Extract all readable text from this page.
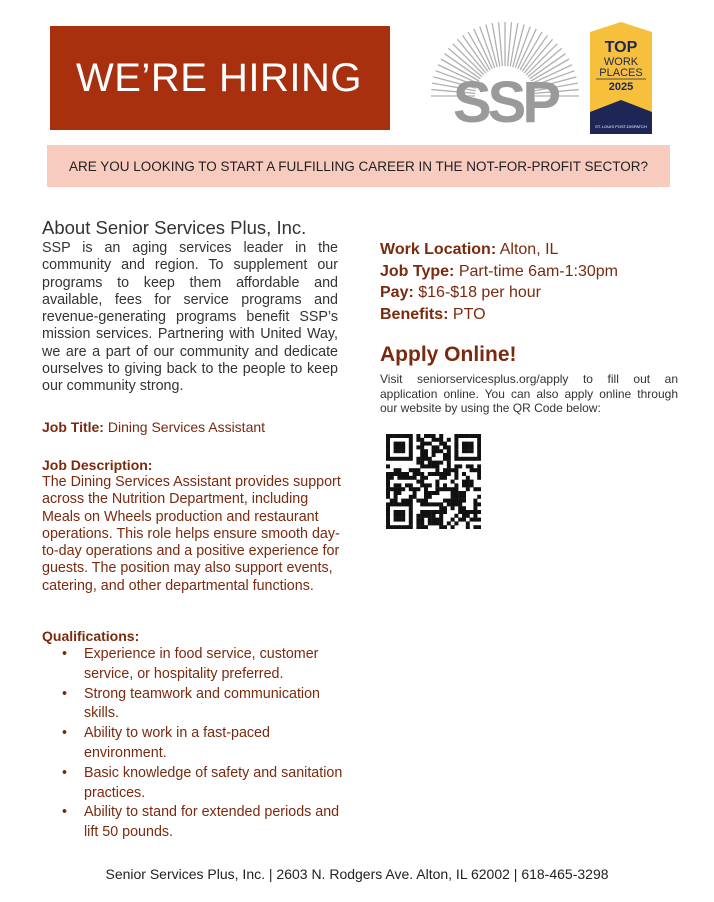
WE’RE HIRING SSP
TOP
WORK
PLACES
2025
ST. LOUIS POST-DISPATCH
ARE YOU LOOKING TO START A FULFILLING CAREER IN THE NOT-FOR-PROFIT SECTOR?
About Senior Services Plus, Inc.
SSP is an aging services leader in the community and region. To supplement our programs to keep them affordable and available, fees for service programs and revenue-generating programs benefit SSP’s mission services. Partnering with United Way, we are a part of our community and dedicate ourselves to giving back to the people to keep our community strong.
Job Title: Dining Services Assistant
Job Description:
The Dining Services Assistant provides support across the Nutrition Department, including Meals on Wheels production and restaurant operations. This role helps ensure smooth day-to-day operations and a positive experience for guests. The position may also support events, catering, and other departmental functions.
Qualifications:
• Experience in food service, customer service, or hospitality preferred.
• Strong teamwork and communication skills.
• Ability to work in a fast-paced environment.
• Basic knowledge of safety and sanitation practices.
• Ability to stand for extended periods and lift 50 pounds.
Work Location: Alton, IL
Job Type: Part-time 6am-1:30pm
Pay: $16-$18 per hour
Benefits: PTO
Apply Online!
Visit seniorservicesplus.org/apply to fill out an application online. You can also apply online through our website by using the QR Code below:
Senior Services Plus, Inc. | 2603 N. Rodgers Ave. Alton, IL 62002 | 618-465-3298
